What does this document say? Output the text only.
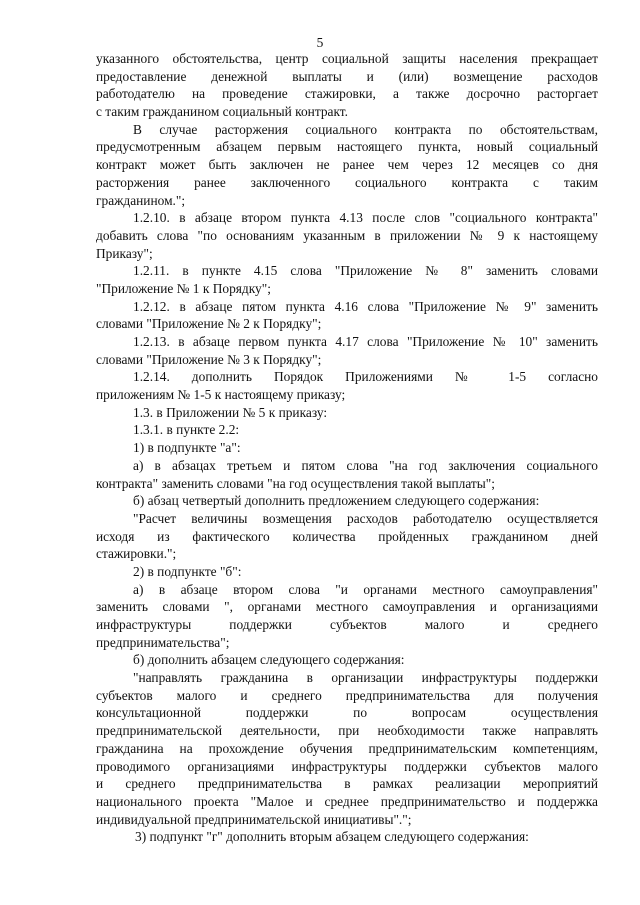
5
указанного обстоятельства, центр социальной защиты населения прекращает
предоставление денежной выплаты и (или) возмещение расходов
работодателю на проведение стажировки, а также досрочно расторгает
с таким гражданином социальный контракт.
В случае расторжения социального контракта по обстоятельствам,
предусмотренным абзацем первым настоящего пункта, новый социальный
контракт может быть заключен не ранее чем через 12 месяцев со дня
расторжения ранее заключенного социального контракта с таким
гражданином.";
1.2.10. в абзаце втором пункта 4.13 после слов "социального контракта"
добавить слова "по основаниям указанным в приложении № 9 к настоящему
Приказу";
1.2.11. в пункте 4.15 слова "Приложение № 8" заменить словами
"Приложение № 1 к Порядку";
1.2.12. в абзаце пятом пункта 4.16 слова "Приложение № 9" заменить
словами "Приложение № 2 к Порядку";
1.2.13. в абзаце первом пункта 4.17 слова "Приложение № 10" заменить
словами "Приложение № 3 к Порядку";
1.2.14. дополнить Порядок Приложениями № 1-5 согласно
приложениям № 1-5 к настоящему приказу;
1.3. в Приложении № 5 к приказу:
1.3.1. в пункте 2.2:
1) в подпункте "а":
а) в абзацах третьем и пятом слова "на год заключения социального
контракта" заменить словами "на год осуществления такой выплаты";
б) абзац четвертый дополнить предложением следующего содержания:
"Расчет величины возмещения расходов работодателю осуществляется
исходя из фактического количества пройденных гражданином дней
стажировки.";
2) в подпункте "б":
а) в абзаце втором слова "и органами местного самоуправления"
заменить словами ", органами местного самоуправления и организациями
инфраструктуры поддержки субъектов малого и среднего
предпринимательства";
б) дополнить абзацем следующего содержания:
"направлять гражданина в организации инфраструктуры поддержки
субъектов малого и среднего предпринимательства для получения
консультационной поддержки по вопросам осуществления
предпринимательской деятельности, при необходимости также направлять
гражданина на прохождение обучения предпринимательским компетенциям,
проводимого организациями инфраструктуры поддержки субъектов малого
и среднего предпринимательства в рамках реализации мероприятий
национального проекта "Малое и среднее предпринимательство и поддержка
индивидуальной предпринимательской инициативы".";
3) подпункт "г" дополнить вторым абзацем следующего содержания:
